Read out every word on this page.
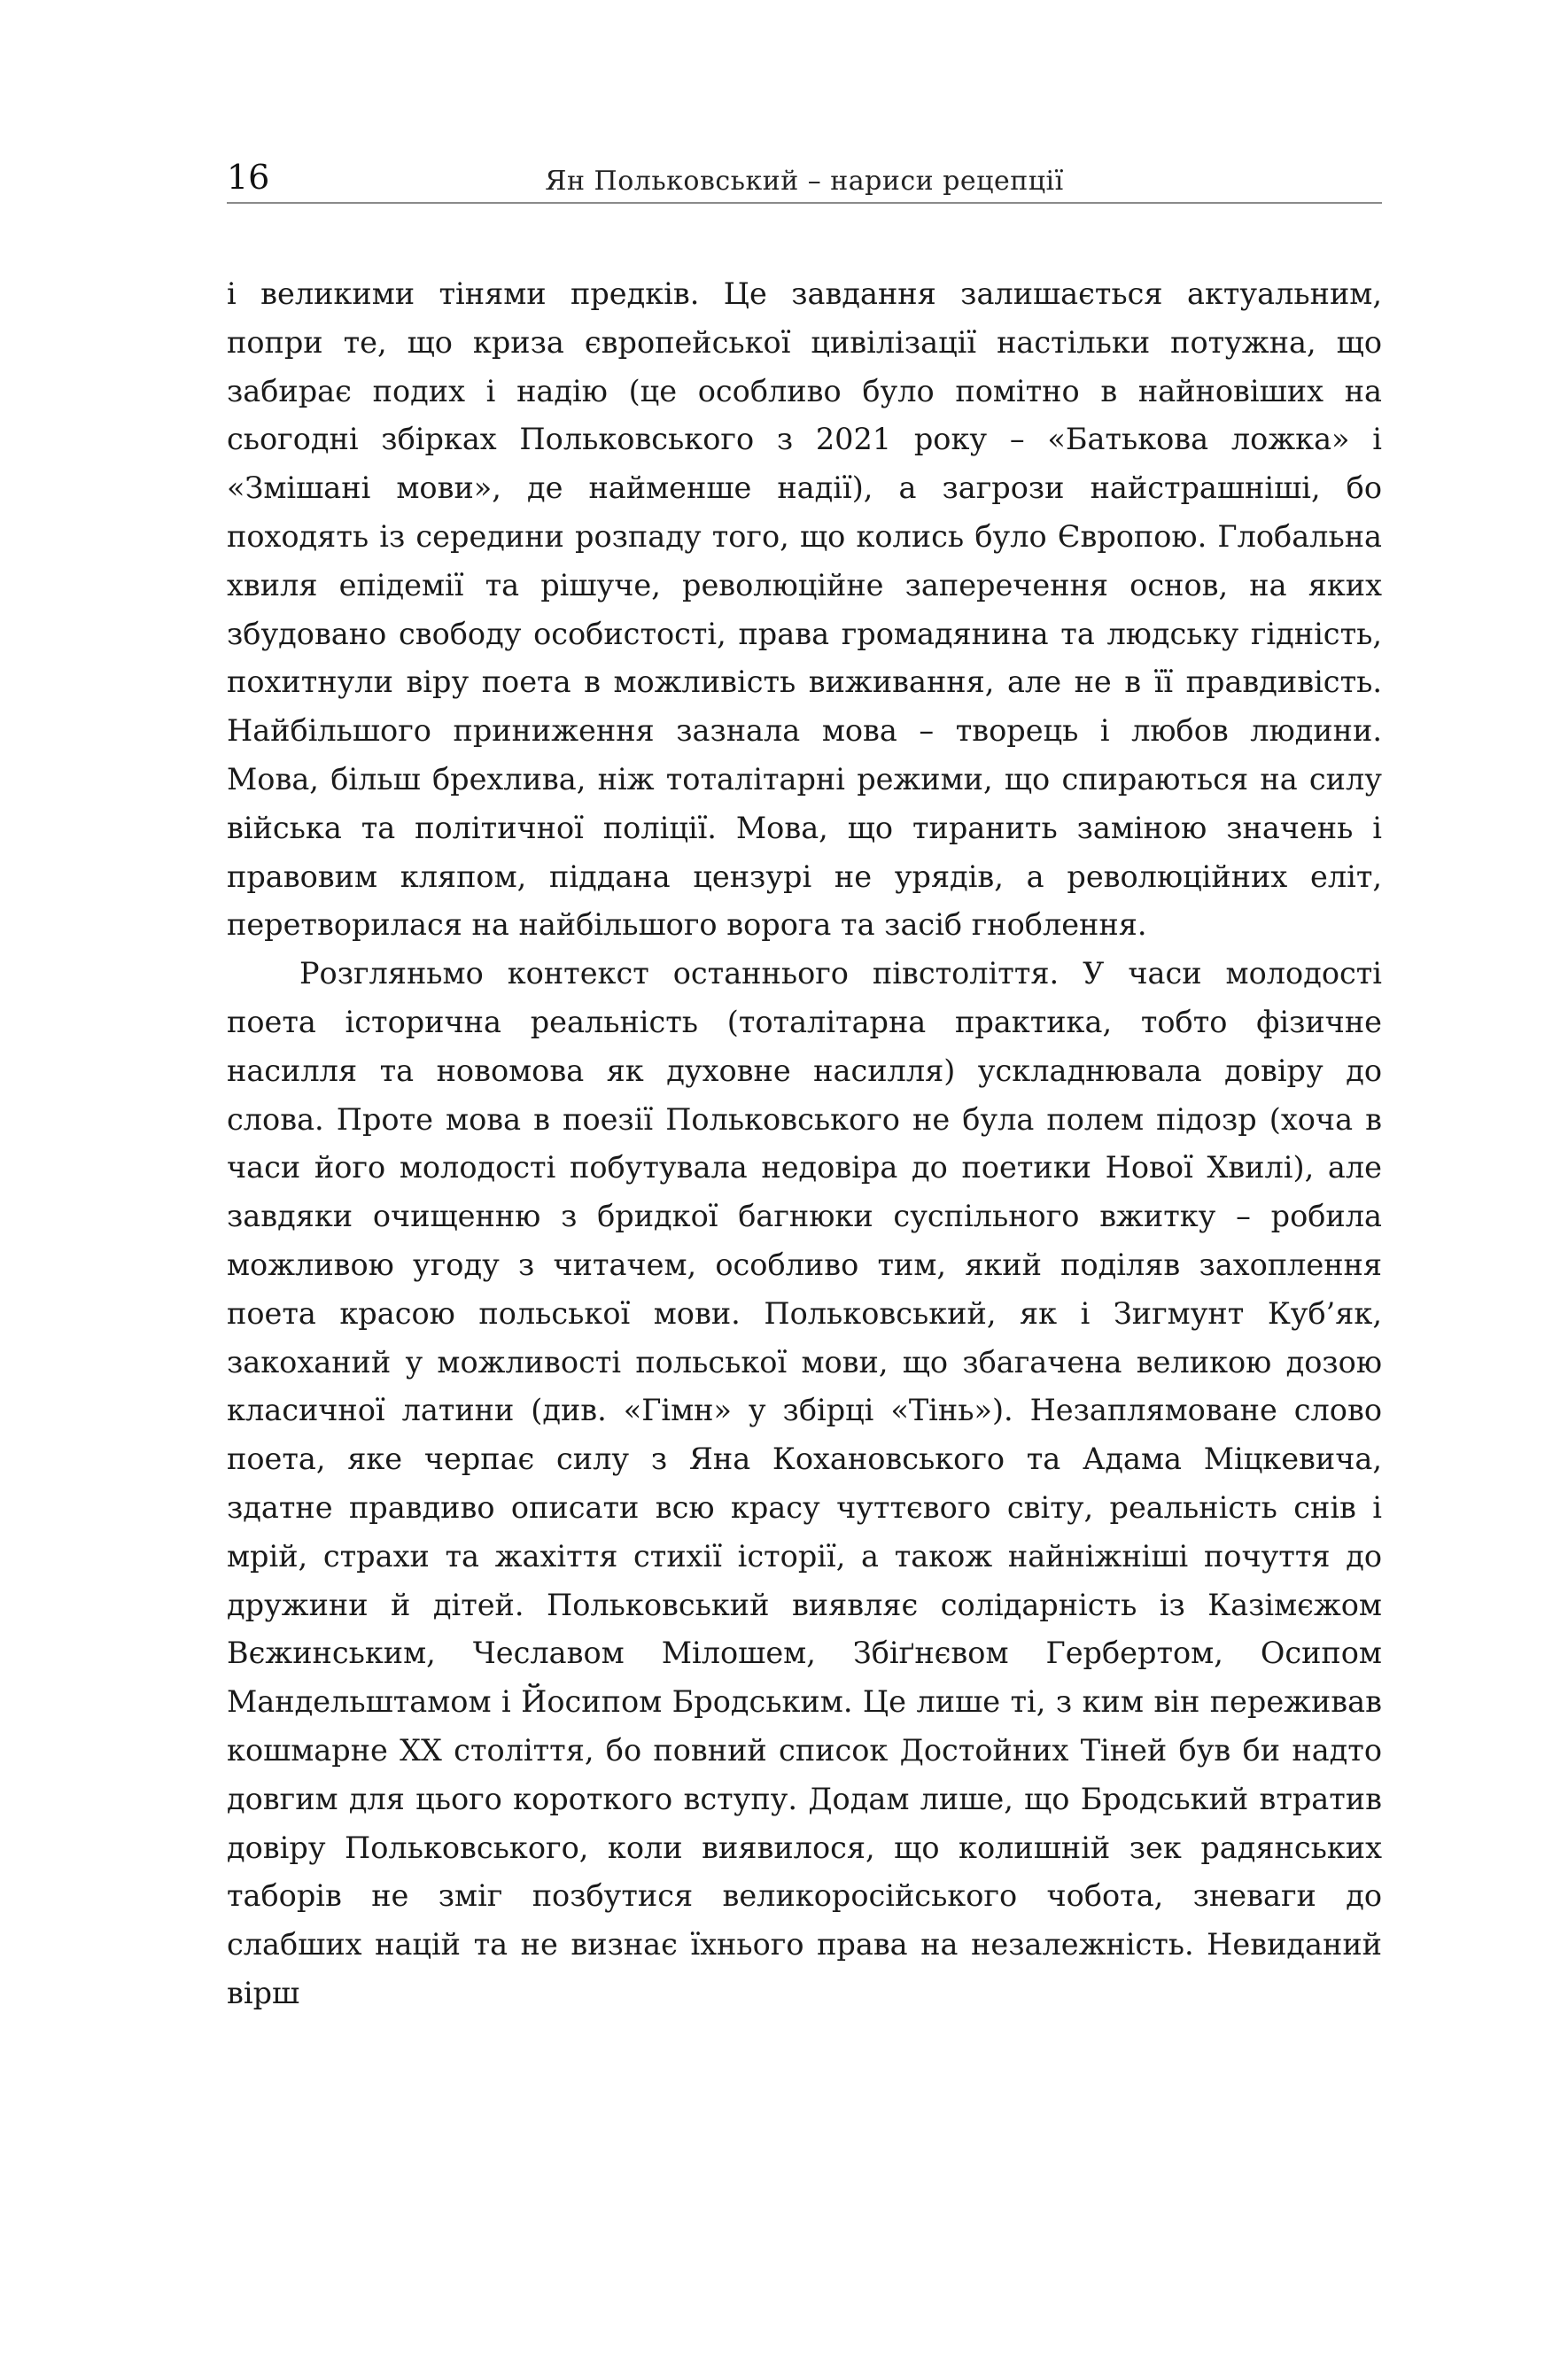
16	Ян Польковський – нариси рецепції

і великими тінями предків. Це завдання залишається актуальним, попри те, що криза європейської цивілізації настільки потужна, що забирає подих і надію (це особливо було помітно в найновіших на сьогодні збірках Польковського з 2021 року – «Батькова ложка» і «Змішані мови», де найменше надії), а загрози найстрашніші, бо походять із середини розпаду того, що колись було Європою. Глобальна хвиля епідемії та рішуче, революційне заперечення основ, на яких збудовано свободу особистості, права громадянина та людську гідність, похитнули віру поета в можливість виживання, але не в її правдивість. Найбільшого приниження зазнала мова – творець і любов людини. Мова, більш брехлива, ніж тоталітарні режими, що спираються на силу війська та політичної поліції. Мова, що тиранить заміною значень і правовим кляпом, піддана цензурі не урядів, а революційних еліт, перетворилася на найбільшого ворога та засіб гноблення.

Розгляньмо контекст останнього півстоліття. У часи молодості поета історична реальність (тоталітарна практика, тобто фізичне насилля та новомова як духовне насилля) ускладнювала довіру до слова. Проте мова в поезії Польковського не була полем підозр (хоча в часи його молодості побутувала недовіра до поетики Нової Хвилі), але завдяки очищенню з бридкої багнюки суспільного вжитку – робила можливою угоду з читачем, особливо тим, який поділяв захоплення поета красою польської мови. Польковський, як і Зигмунт Куб’як, закоханий у можливості польської мови, що збагачена великою дозою класичної латини (див. «Гімн» у збірці «Тінь»). Незаплямоване слово поета, яке черпає силу з Яна Кохановського та Адама Міцкевича, здатне правдиво описати всю красу чуттєвого світу, реальність снів і мрій, страхи та жахіття стихії історії, а також найніжніші почуття до дружини й дітей. Польковський виявляє солідарність із Казімєжом Вєжинським, Чеславом Мілошем, Збіґнєвом Гербертом, Осипом Мандельштамом і Йосипом Бродським. Це лише ті, з ким він переживав кошмарне XX століття, бо повний список Достойних Тіней був би надто довгим для цього короткого вступу. Додам лише, що Бродський втратив довіру Польковського, коли виявилося, що колишній зек радянських таборів не зміг позбутися великоросійського чобота, зневаги до слабших націй та не визнає їхнього права на незалежність. Невиданий вірш
